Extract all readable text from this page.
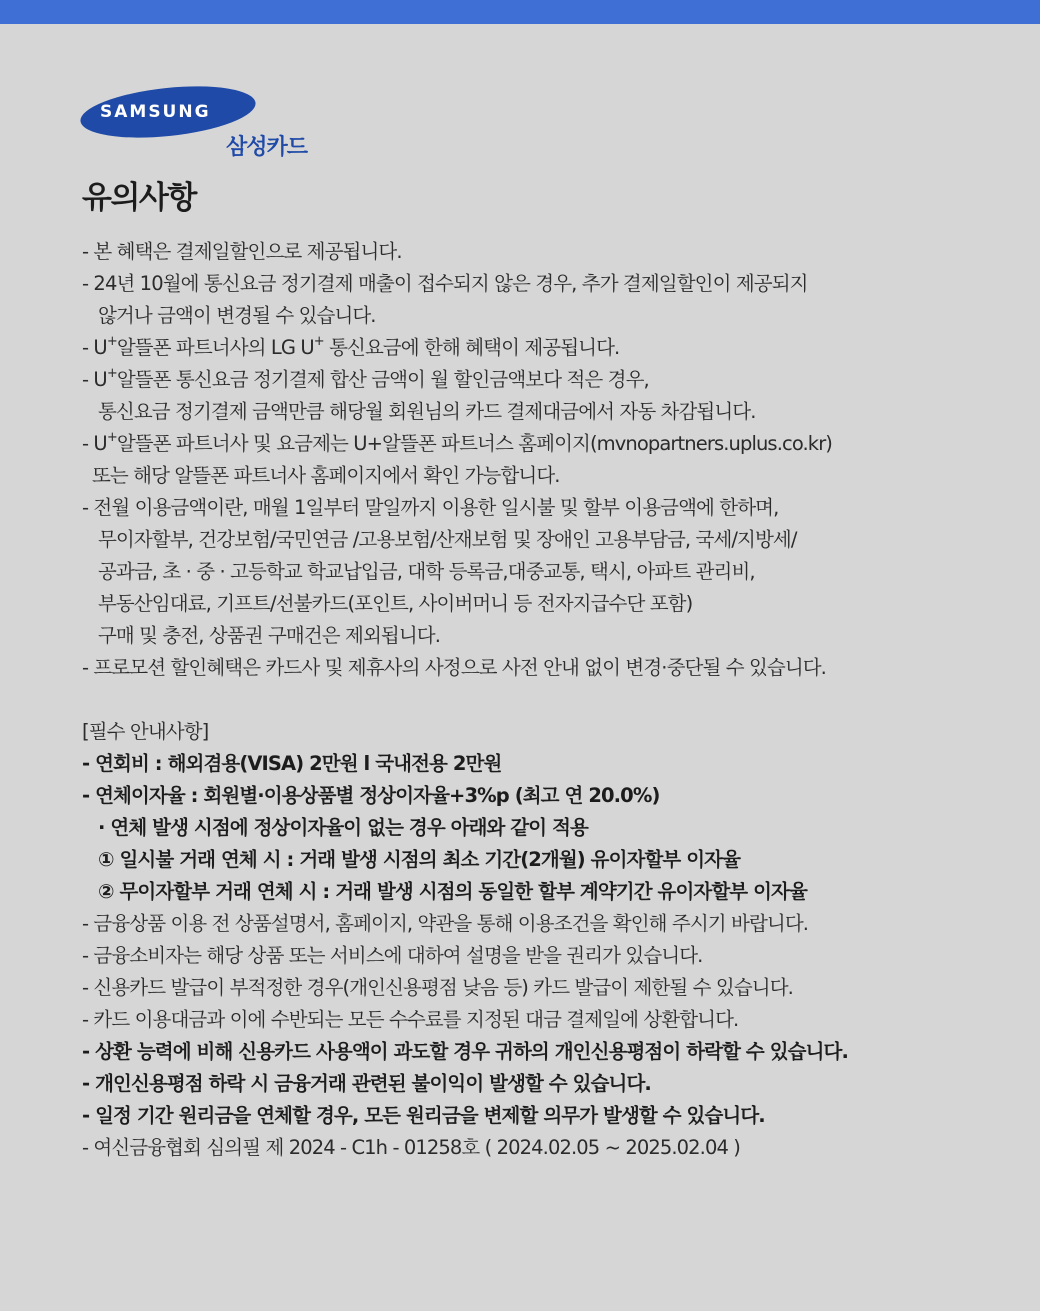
SAMSUNG
삼성카드
유의사항
- 본 혜택은 결제일할인으로 제공됩니다.
- 24년 10월에 통신요금 정기결제 매출이 접수되지 않은 경우, 추가 결제일할인이 제공되지
않거나 금액이 변경될 수 있습니다.
- U+알뜰폰 파트너사의 LG U+ 통신요금에 한해 혜택이 제공됩니다.
- U+알뜰폰 통신요금 정기결제 합산 금액이 월 할인금액보다 적은 경우,
통신요금 정기결제 금액만큼 해당월 회원님의 카드 결제대금에서 자동 차감됩니다.
- U+알뜰폰 파트너사 및 요금제는 U+알뜰폰 파트너스 홈페이지(mvnopartners.uplus.co.kr)
또는 해당 알뜰폰 파트너사 홈페이지에서 확인 가능합니다.
- 전월 이용금액이란, 매월 1일부터 말일까지 이용한 일시불 및 할부 이용금액에 한하며,
무이자할부, 건강보험/국민연금 /고용보험/산재보험 및 장애인 고용부담금, 국세/지방세/
공과금, 초 · 중 · 고등학교 학교납입금, 대학 등록금,대중교통, 택시, 아파트 관리비,
부동산임대료, 기프트/선불카드(포인트, 사이버머니 등 전자지급수단 포함)
구매 및 충전, 상품권 구매건은 제외됩니다.
- 프로모션 할인혜택은 카드사 및 제휴사의 사정으로 사전 안내 없이 변경·중단될 수 있습니다.
[필수 안내사항]
- 연회비 : 해외겸용(VISA) 2만원 l 국내전용 2만원
- 연체이자율 : 회원별·이용상품별 정상이자율+3%p (최고 연 20.0%)
· 연체 발생 시점에 정상이자율이 없는 경우 아래와 같이 적용
① 일시불 거래 연체 시 : 거래 발생 시점의 최소 기간(2개월) 유이자할부 이자율
② 무이자할부 거래 연체 시 : 거래 발생 시점의 동일한 할부 계약기간 유이자할부 이자율
- 금융상품 이용 전 상품설명서, 홈페이지, 약관을 통해 이용조건을 확인해 주시기 바랍니다.
- 금융소비자는 해당 상품 또는 서비스에 대하여 설명을 받을 권리가 있습니다.
- 신용카드 발급이 부적정한 경우(개인신용평점 낮음 등) 카드 발급이 제한될 수 있습니다.
- 카드 이용대금과 이에 수반되는 모든 수수료를 지정된 대금 결제일에 상환합니다.
- 상환 능력에 비해 신용카드 사용액이 과도할 경우 귀하의 개인신용평점이 하락할 수 있습니다.
- 개인신용평점 하락 시 금융거래 관련된 불이익이 발생할 수 있습니다.
- 일정 기간 원리금을 연체할 경우, 모든 원리금을 변제할 의무가 발생할 수 있습니다.
- 여신금융협회 심의필 제 2024 - C1h - 01258호 ( 2024.02.05 ~ 2025.02.04 )
